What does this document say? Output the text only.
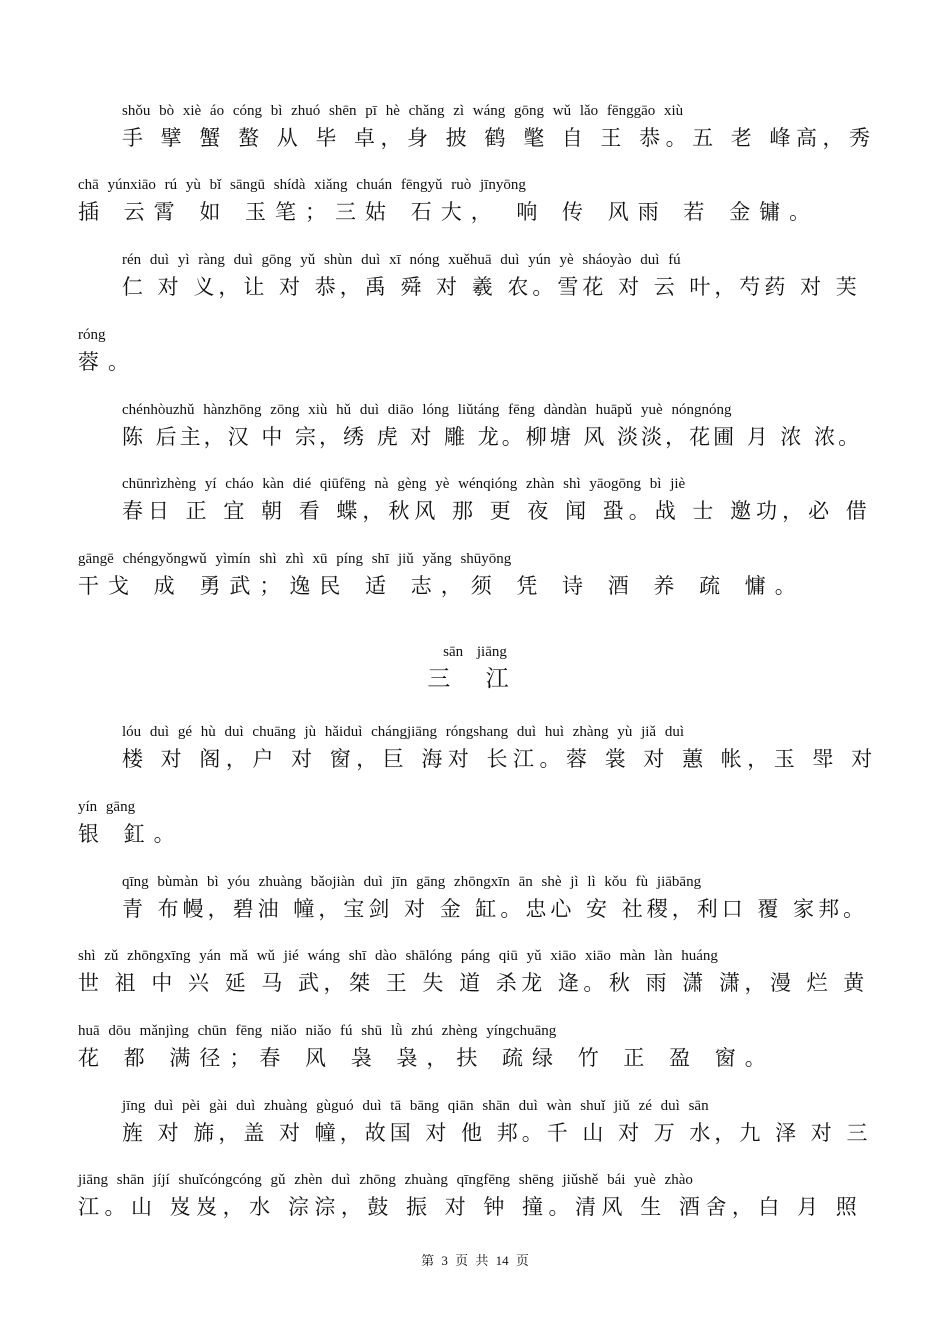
shǒu bò xiè áo cóng bì zhuó shēn pī hè chǎng zì wáng gōng wǔ lǎo fēnggāo xiù
手 擘 蟹 螯 从 毕 卓，身 披 鹤 氅 自 王 恭。五 老 峰高，秀
chā yúnxiāo rú yù bǐ sāngū shídà xiǎng chuán fēngyǔ ruò jīnyōng
插 云霄 如 玉笔；三姑 石大， 响 传 风雨 若 金镛。
rén duì yì ràng duì gōng yǔ shùn duì xī nóng xuěhuā duì yún yè sháoyào duì fú
仁 对 义，让 对 恭，禹 舜 对 羲 农。雪花 对 云 叶，芍药 对 芙
róng
蓉。
chénhòuzhǔ hànzhōng zōng xiù hǔ duì diāo lóng liǔtáng fēng dàndàn huāpǔ yuè nóngnóng
陈 后主，汉 中 宗，绣 虎 对 雕 龙。柳塘 风 淡淡，花圃 月 浓 浓。
chūnrìzhèng yí cháo kàn dié qiūfēng nà gèng yè wénqióng zhàn shì yāogōng bì jiè
春日 正 宜 朝 看 蝶，秋风 那 更 夜 闻 蛩。战 士 邀功，必 借
gāngē chéngyǒngwǔ yìmín shì zhì xū píng shī jiǔ yǎng shūyōng
干戈 成 勇武；逸民 适 志，须 凭 诗 酒 养 疏 慵。
sān jiāng
三 江
lóu duì gé hù duì chuāng jù hǎiduì chángjiāng róngshang duì huì zhàng yù jiǎ duì
楼 对 阁，户 对 窗，巨 海对 长江。蓉 裳 对 蕙 帐，玉 斝 对
yín gāng
银 釭。
qīng bùmàn bì yóu zhuàng bǎojiàn duì jīn gāng zhōngxīn ān shè jì lì kǒu fù jiābāng
青 布幔，碧油 幢，宝剑 对 金 缸。忠心 安 社稷，利口 覆 家邦。
shì zǔ zhōngxīng yán mǎ wǔ jié wáng shī dào shālóng páng qiū yǔ xiāo xiāo màn làn huáng
世 祖 中 兴 延 马 武，桀 王 失 道 杀龙 逄。秋 雨 潇 潇，漫 烂 黄
huā dōu mǎnjìng chūn fēng niǎo niǎo fú shū lǜ zhú zhèng yíngchuāng
花 都 满径；春 风 袅 袅，扶 疏绿 竹 正 盈 窗。
jīng duì pèi gài duì zhuàng gùguó duì tā bāng qiān shān duì wàn shuǐ jiǔ zé duì sān
旌 对 旆，盖 对 幢，故国 对 他 邦。千 山 对 万 水，九 泽 对 三
jiāng shān jíjí shuǐcóngcóng gǔ zhèn duì zhōng zhuàng qīngfēng shēng jiǔshě bái yuè zhào
江。山 岌岌，水 淙淙，鼓 振 对 钟 撞。清风 生 酒舍，白 月 照
第 3 页 共 14 页
